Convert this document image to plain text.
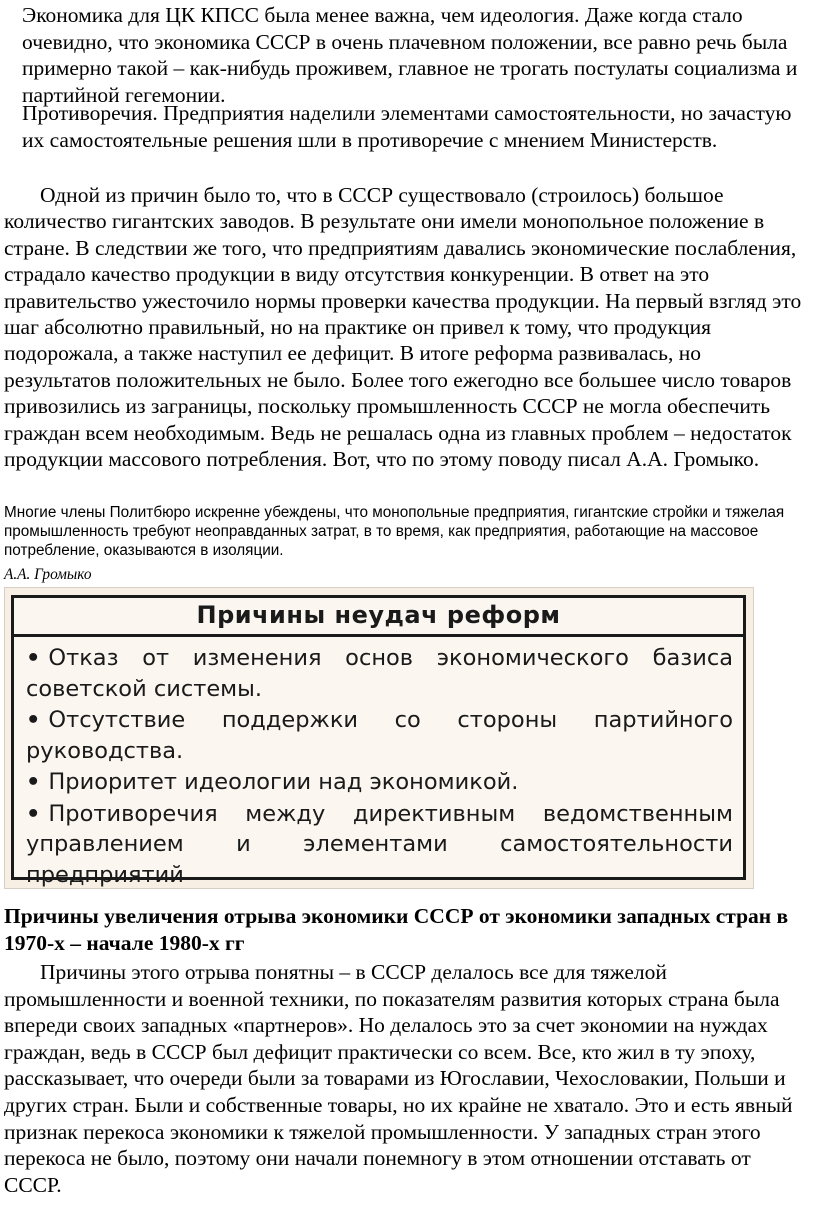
Экономика для ЦК КПСС была менее важна, чем идеология. Даже когда стало очевидно, что экономика СССР в очень плачевном положении, все равно речь была примерно такой – как-нибудь проживем, главное не трогать постулаты социализма и партийной гегемонии.

Противоречия. Предприятия наделили элементами самостоятельности, но зачастую их самостоятельные решения шли в противоречие с мнением Министерств.

Одной из причин было то, что в СССР существовало (строилось) большое количество гигантских заводов. В результате они имели монопольное положение в стране. В следствии же того, что предприятиям давались экономические послабления, страдало качество продукции в виду отсутствия конкуренции. В ответ на это правительство ужесточило нормы проверки качества продукции. На первый взгляд это шаг абсолютно правильный, но на практике он привел к тому, что продукция подорожала, а также наступил ее дефицит. В итоге реформа развивалась, но результатов положительных не было. Более того ежегодно все большее число товаров привозились из заграницы, поскольку промышленность СССР не могла обеспечить граждан всем необходимым. Ведь не решалась одна из главных проблем – недостаток продукции массового потребления. Вот, что по этому поводу писал А.А. Громыко.

Многие члены Политбюро искренне убеждены, что монопольные предприятия, гигантские стройки и тяжелая промышленность требуют неоправданных затрат, в то время, как предприятия, работающие на массовое потребление, оказываются в изоляции.

А.А. Громыко

Причины неудач реформ
• Отказ от изменения основ экономического базиса советской системы.
• Отсутствие поддержки со стороны партийного руководства.
• Приоритет идеологии над экономикой.
• Противоречия между директивным ведомственным управлением и элементами самостоятельности предприятий
Причины увеличения отрыва экономики СССР от экономики западных стран в 1970-х – начале 1980-х гг

Причины этого отрыва понятны – в СССР делалось все для тяжелой промышленности и военной техники, по показателям развития которых страна была впереди своих западных «партнеров». Но делалось это за счет экономии на нуждах граждан, ведь в СССР был дефицит практически со всем. Все, кто жил в ту эпоху, рассказывает, что очереди были за товарами из Югославии, Чехословакии, Польши и других стран. Были и собственные товары, но их крайне не хватало. Это и есть явный признак перекоса экономики к тяжелой промышленности. У западных стран этого перекоса не было, поэтому они начали понемногу в этом отношении отставать от СССР.
